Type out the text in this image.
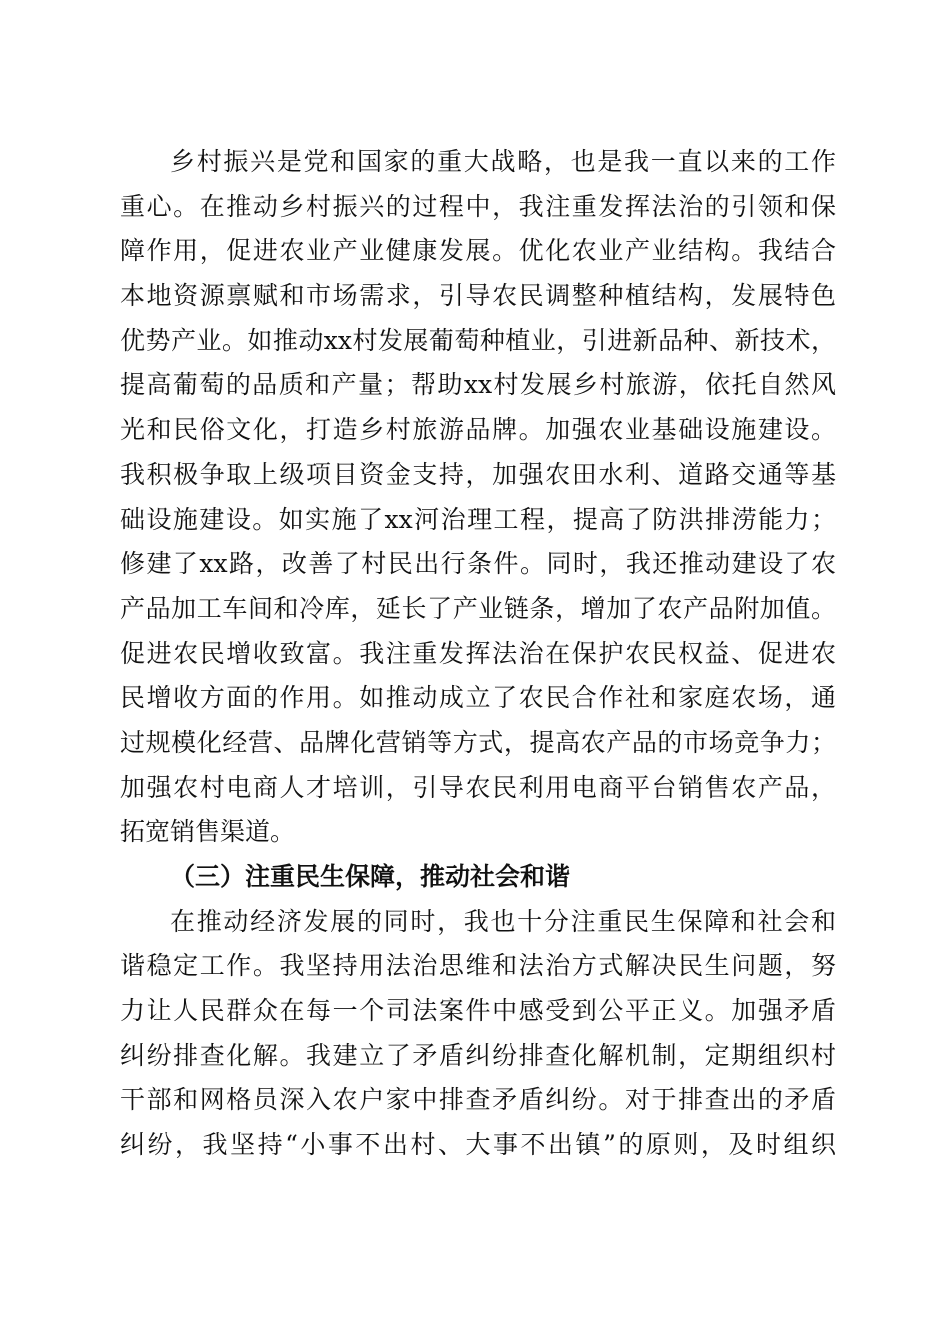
乡村振兴是党和国家的重大战略，也是我一直以来的工作
重心。在推动乡村振兴的过程中，我注重发挥法治的引领和保
障作用，促进农业产业健康发展。优化农业产业结构。我结合
本地资源禀赋和市场需求，引导农民调整种植结构，发展特色
优势产业。如推动xx村发展葡萄种植业，引进新品种、新技术，
提高葡萄的品质和产量；帮助xx村发展乡村旅游，依托自然风
光和民俗文化，打造乡村旅游品牌。加强农业基础设施建设。
我积极争取上级项目资金支持，加强农田水利、道路交通等基
础设施建设。如实施了xx河治理工程，提高了防洪排涝能力；
修建了xx路，改善了村民出行条件。同时，我还推动建设了农
产品加工车间和冷库，延长了产业链条，增加了农产品附加值。
促进农民增收致富。我注重发挥法治在保护农民权益、促进农
民增收方面的作用。如推动成立了农民合作社和家庭农场，通
过规模化经营、品牌化营销等方式，提高农产品的市场竞争力；
加强农村电商人才培训，引导农民利用电商平台销售农产品，
拓宽销售渠道。
（三）注重民生保障，推动社会和谐
在推动经济发展的同时，我也十分注重民生保障和社会和
谐稳定工作。我坚持用法治思维和法治方式解决民生问题，努
力让人民群众在每一个司法案件中感受到公平正义。加强矛盾
纠纷排查化解。我建立了矛盾纠纷排查化解机制，定期组织村
干部和网格员深入农户家中排查矛盾纠纷。对于排查出的矛盾
纠纷，我坚持“小事不出村、大事不出镇”的原则，及时组织
